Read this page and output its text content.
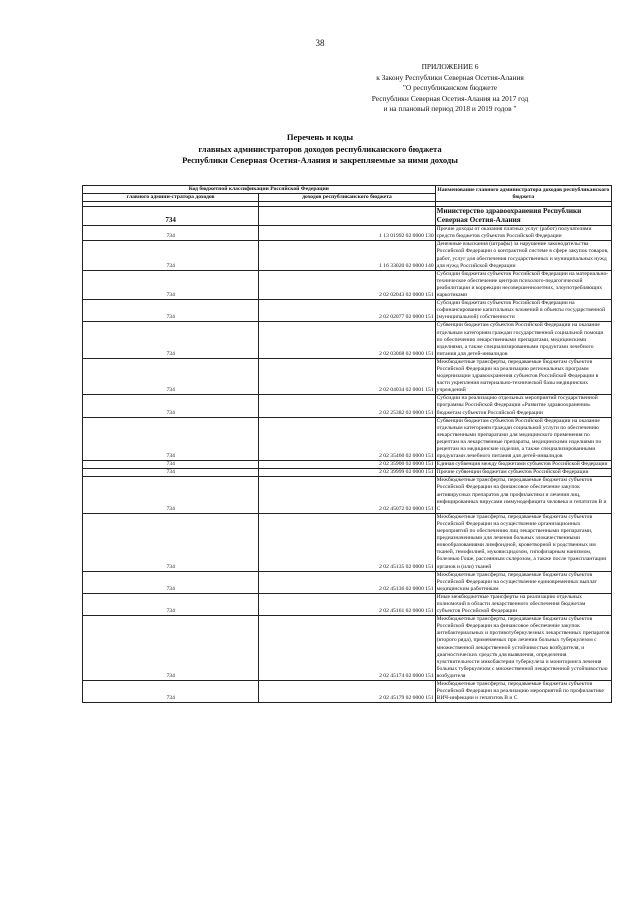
38
ПРИЛОЖЕНИЕ 6
к Закону Республики Северная Осетия-Алания
"О республиканском бюджете
Республики Северная Осетия-Алания на 2017 год
и на плановый период 2018 и 2019 годов "
Перечень и коды
главных администраторов доходов республиканского бюджета
Республики Северная Осетия-Алания и закрепляемые за ними доходы
Код бюджетной классификации Российской Федерации		Наименование главного администратора доходов республиканского бюджета
главного админи-стратора доходов	доходов республиканского бюджета	

734		Министерство здравоохранения Республики Северная Осетия-Алания
734	1 13 01992 02 0000 130	Прочие доходы от оказания платных услуг (работ) получателями средств бюджетов субъектов Российской Федерации
734	1 16 33020 02 0000 140	Денежные взыскания (штрафы) за нарушение законодательства Российской Федерации о контрактной системе в сфере закупок товаров, работ, услуг для обеспечения государственных и муниципальных нужд для нужд Российской Федерации
734	2 02 02043 02 0000 151	Субсидии бюджетам субъектов Российской Федерации на материально-техническое обеспечение центров психолого-педагогической реабилитации и коррекции несовершеннолетних, злоупотребляющих наркотиками
734	2 02 02077 02 0000 151	Субсидии бюджетам субъектов Российской Федерации на софинансирование капитальных вложений в объекты государственной (муниципальной) собственности
734	2 02 03068 02 0000 151	Субвенции бюджетам субъектов Российской Федерации на оказание отдельным категориям граждан государственной социальной помощи по обеспечению лекарственными препаратами, медицинскими изделиями, а также специализированными продуктами лечебного питания для детей-инвалидов
734	2 02 04034 02 0001 151	Межбюджетные трансферты, передаваемые бюджетам субъектов Российской Федерации на реализацию региональных программ модернизации здравоохранения субъектов Российской Федерации в части укрепления материально-технической базы медицинских учреждений
734	2 02 25382 02 0000 151	Субсидии на реализацию отдельных мероприятий государственной программы Российской Федерации «Развитие здравоохранения» бюджетам субъектов Российской Федерации
734	2 02 35460 02 0000 151	Субвенции бюджетам субъектов Российской Федерации на оказание отдельным категориям граждан социальной услуги по обеспечению лекарственными препаратами для медицинского применения по рецептам на лекарственные препараты, медицинскими изделиями по рецептам на медицинские изделия, а также специализированными продуктами лечебного питания для детей-инвалидов
734	2 02 35900 02 0000 151	Единая субвенция между бюджетами субъектов Российской Федерации
734	2 02 39999 02 0000 151	Прочие субвенции бюджетам субъектов Российской Федерации
734	2 02 45072 02 0000 151	Межбюджетные трансферты, передаваемые бюджетам субъектов Российской Федерации на финансовое обеспечение закупок антивирусных препаратов для профилактики и лечения лиц, инфицированных вирусами иммунодефицита человека и гепатитов В и С
734	2 02 45135 02 0000 151	Межбюджетные трансферты, передаваемые бюджетам субъектов Российской Федерации на осуществление организационных мероприятий по обеспечению лиц лекарственными препаратами, предназначенными для лечения больных злокачественными новообразованиями лимфоидной, кроветворной и родственных им тканей, гемофилией, муковисцидозом, гипофизарным нанизмом, болезнью Гоше, рассеянным склерозом, а также после трансплантации органов и (или) тканей
734	2 02 45136 02 0000 151	Межбюджетные трансферты, передаваемые бюджетам субъектов Российской Федерации на осуществление единовременных выплат медицинским работникам
734	2 02 45161 02 0000 151	Иные межбюджетные трансферты на реализацию отдельных полномочий в области лекарственного обеспечения бюджетам субъектов Российской Федерации
734	2 02 45174 02 0000 151	Межбюджетные трансферты, передаваемые бюджетам субъектов Российской Федерации на финансовое обеспечение закупок антибактериальных и противотуберкулезных лекарственных препаратов (второго ряда), применяемых при лечении больных туберкулезом с множественной лекарственной устойчивостью возбудителя, и диагностических средств для выявления, определения чувствительности микобактерии туберкулеза и мониторинга лечения больных туберкулезом с множественной лекарственной устойчивостью возбудителя
734	2 02 45179 02 0000 151	Межбюджетные трансферты, передаваемые бюджетам субъектов Российской Федерации на реализацию мероприятий по профилактике ВИЧ-инфекции и гепатитов В и С
